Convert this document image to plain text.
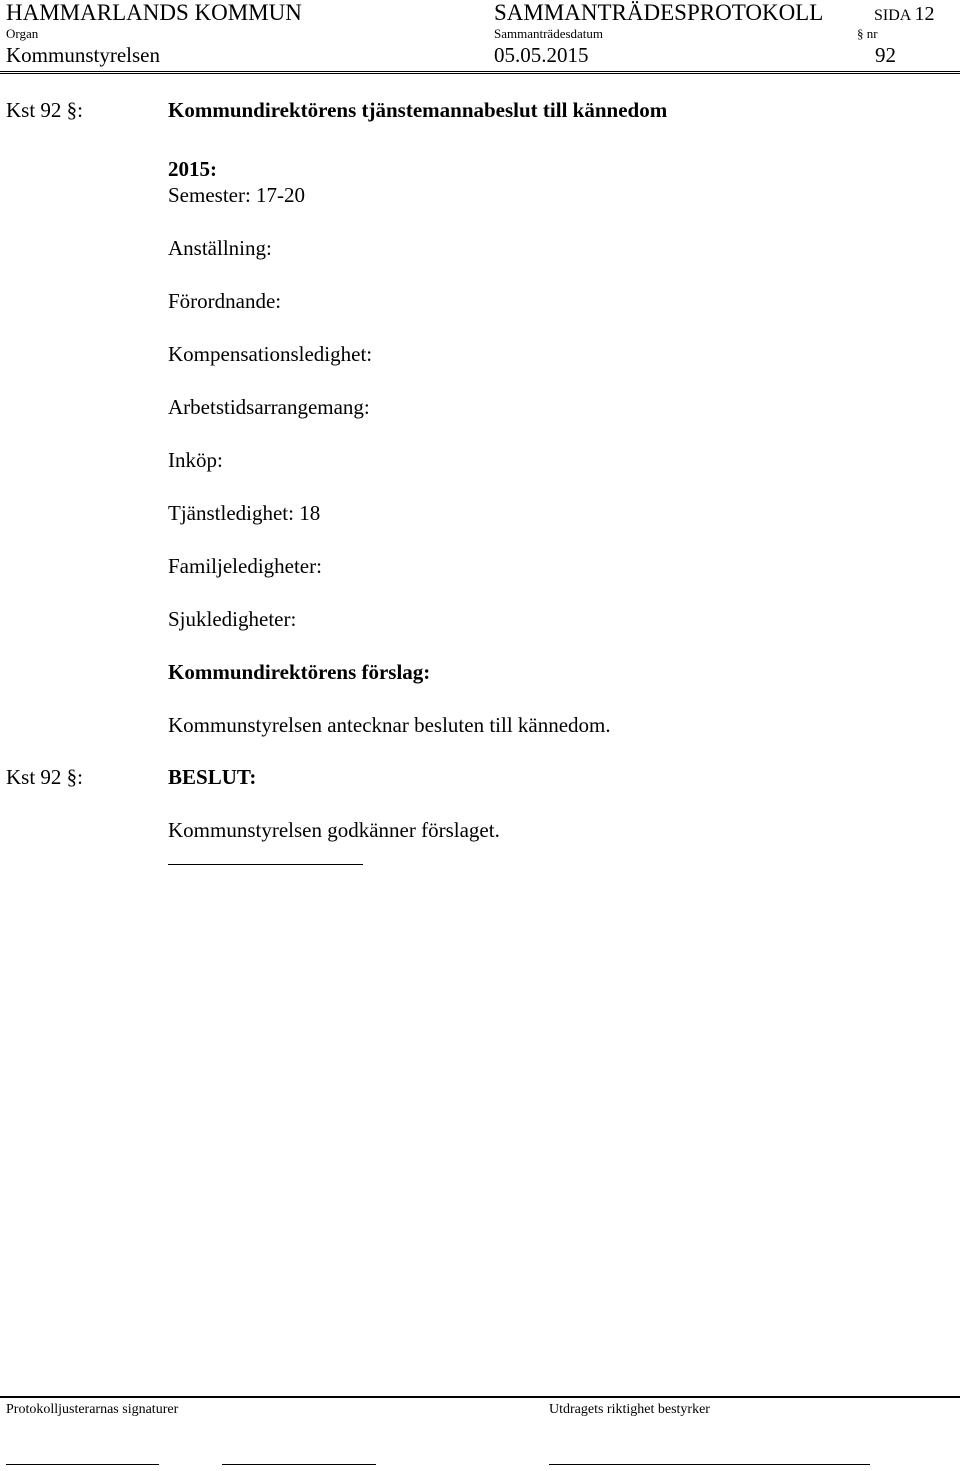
HAMMARLANDS KOMMUN	SAMMANTRÄDESPROTOKOLL	SIDA 12
Organ	Sammanträdesdatum	§ nr
Kommunstyrelsen	05.05.2015	92
Kst 92 §:	Kommundirektörens tjänstemannabeslut till kännedom
2015:
Semester: 17-20
Anställning:
Förordnande:
Kompensationsledighet:
Arbetstidsarrangemang:
Inköp:
Tjänstledighet: 18
Familjeledigheter:
Sjukledigheter:
Kommundirektörens förslag:
Kommunstyrelsen antecknar besluten till kännedom.
Kst 92 §:	BESLUT:
Kommunstyrelsen godkänner förslaget.
Protokolljusterarnas signaturer	Utdragets riktighet bestyrker
